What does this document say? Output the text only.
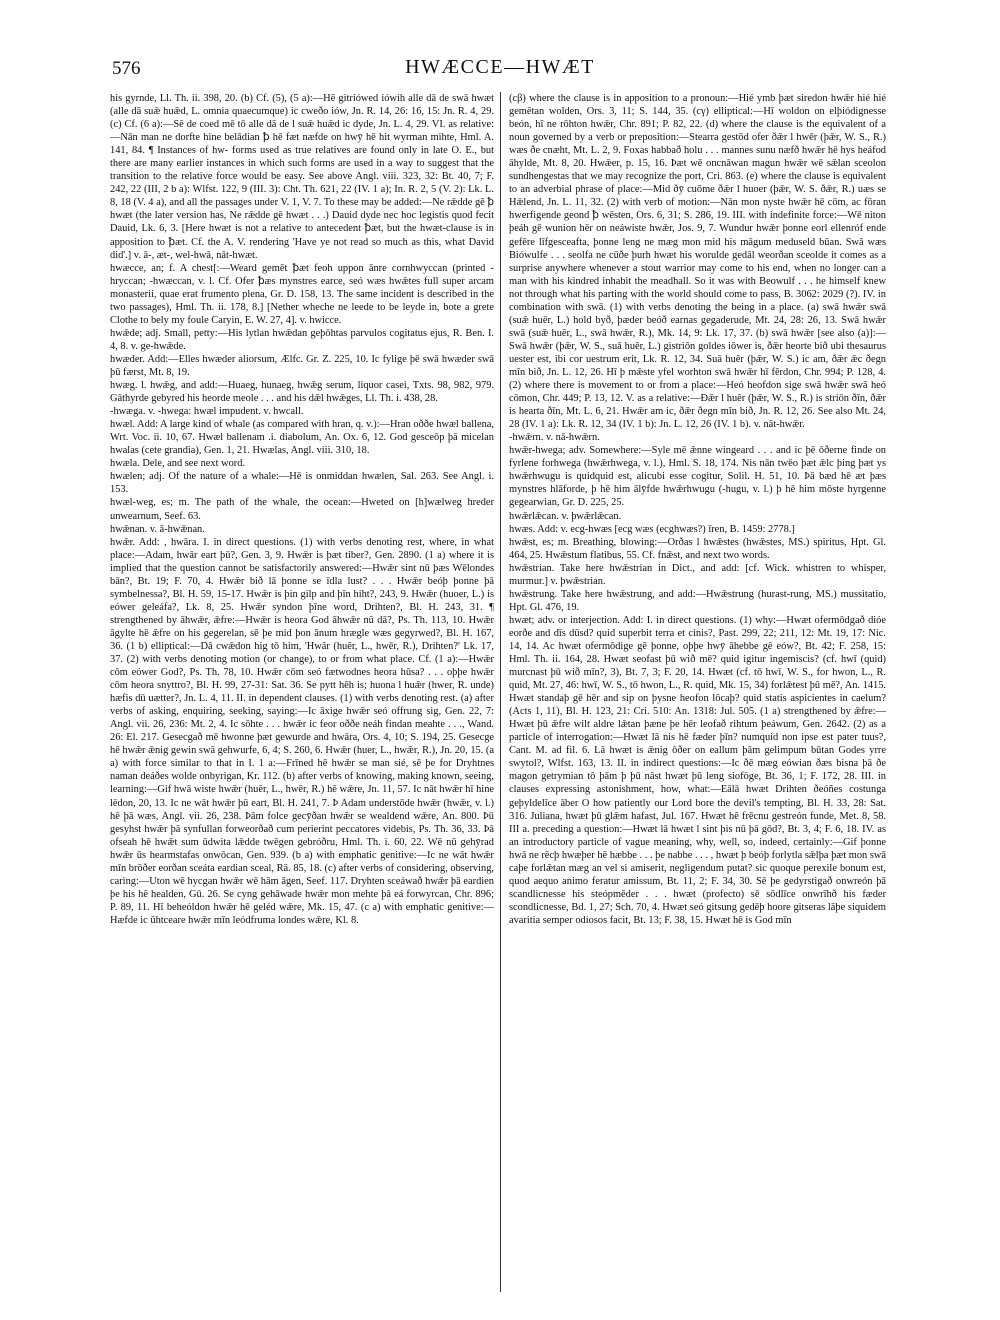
576	HWÆCCE—HWÆT

his gyrnde, Ll. Th. ii. 398, 20. (b) Cf. (5), (5 a):—Hē gitriówed iówih alle dā de swā hwæt (alle dā suǣ huǣd, L. omnia quaecumque) ic cweðo iów, Jn. R. 14, 26: 16, 15: Jn. R. 4, 29. (c) Cf. (6 a):—Sē de coed mē tō alle dā de l suǣ huǣd ic dyde, Jn. L. 4, 29. VI. as relative:—Nān man ne dorfte hine belādian ꝥ hē fæt næfde on hwȳ hē hit wyrman mihte, Hml. A. 141, 84. ¶ Instances of hw- forms used as true relatives are found only in late O. E., but there are many earlier instances in which such forms are used in a way to suggest that the transition to the relative force would be easy. See above Angl. viii. 323, 32: Bt. 40, 7; F. 242, 22 (III, 2 b a): Wlfst. 122, 9 (III. 3): Cht. Th. 621, 22 (IV. 1 a); In. R. 2, 5 (V. 2): Lk. L. 8, 18 (V. 4 a), and all the passages under V. 1, V. 7. To these may be added:—Ne rǣdde gē ꝥ hwæt (the later version has, Ne rǣdde gē hwæt . . .) Dauid dyde nec hoc legistis quod fecit Dauid, Lk. 6, 3. [Here hwæt is not a relative to antecedent ꝥæt, but the hwæt-clause is in apposition to ꝥæt. Cf. the A. V. rendering 'Have ye not read so much as this, what David did'.] v. ā-, æt-, wel-hwā, nāt-hwæt.

hwæcce, an; f. A chest[:—Weard gemēt ꝥæt feoh uppon ānre cornhwyccan (printed -hryccan; -hwæccan, v. l. Cf. Ofer ꝥæs mynstres earce, seó wæs hwǣtes full super arcam monasterii, quae erat frumento plena, Gr. D. 158, 13. The same incident is described in the two passages), Hml. Th. ii. 178, 8.] [Nether wheche ne leede to be leyde in, bote a grete Clothe to bely my foule Caryin, E. W. 27, 4]. v. hwicce.

hwǣde; adj. Small, petty:—His lytlan hwǣdan geþōhtas parvulos cogitatus ejus, R. Ben. I. 4, 8. v. ge-hwǣde.

hwæder. Add:—Elles hwæder aliorsum, Ælfc. Gr. Z. 225, 10. Ic fylige þē swā hwæder swā þū færst, Mt. 8, 19.

hwæg. l. hwǣg, and add:—Huaeg, hunaeg, hwǣg serum, liquor casei, Txts. 98, 982, 979. Gāthyrde gebyred his heorde meole . . . and his dǣl hwǣges, Ll. Th. i. 438, 28.

-hwæga. v. -hwega: hwæl impudent. v. hwcall.

hwæl. Add: A large kind of whale (as compared with hran, q. v.):—Hran oððe hwæl ballena, Wrt. Voc. ii. 10, 67. Hwæl ballenam .i. diabolum, An. Ox. 6, 12. God gesceōp þā micelan hwalas (cete grandia), Gen. 1, 21. Hwælas, Angl. viii. 310, 18.

hwæla. Dele, and see next word.

hwælen; adj. Of the nature of a whale:—Hē is onmiddan hwælen, Sal. 263. See Angl. i. 153.

hwæl-weg, es; m. The path of the whale, the ocean:—Hweted on [h]wælweg hreder unwearnum, Seef. 63.

hwǣnan. v. ā-hwǣnan.

hwǣr. Add: , hwāra. I. in direct questions. (1) with verbs denoting rest, where, in what place:—Adam, hwār eart þū?, Gen. 3, 9. Hwǣr is þæt tiber?, Gen. 2890. (1 a) where it is implied that the question cannot be satisfactorily answered:—Hwǣr sint nū þæs Wēlondes bān?, Bt. 19; F. 70, 4. Hwǣr bið lā þonne se īdla lust? . . . Hwǣr beóþ þonne þā symbelnessa?, Bl. H. 59, 15-17. Hwǣr is þin gilp and þīn hiht?, 243, 9. Hwǣr (huoer, L.) is eówer geleáfa?, Lk. 8, 25. Hwǣr syndon þīne word, Drihten?, Bl. H. 243, 31. ¶ strengthened by āhwǣr, ǣfre:—Hwǣr is heora God āhwǣr nū dā?, Ps. Th. 113, 10. Hwǣr āgylte hē ǣfre on his gegerelan, sē þe mid þon ānum hrægle wæs gegyrwed?, Bl. H. 167, 36. (1 b) elliptical:—Dā cwǣdon hig tō him, 'Hwār (huēr, L., hwēr, R.), Drihten?' Lk. 17, 37. (2) with verbs denoting motion (or change), to or from what place. Cf. (1 a):—Hwǣr cōm eówer God?, Ps. Th. 78, 10. Hwǣr cōm seó fætwodnes heora hūsa? . . . oþþe hwǣr cōm heora snyttro?, Bl. H. 99, 27-31: Sat. 36. Se pytt hēh is; huona l huǣr (hwer, R. unde) hæfis dū uætter?, Jn. L. 4, 11. II. in dependent clauses. (1) with verbs denoting rest. (a) after verbs of asking, enquiring, seeking, saying:—Ic āxige hwǣr seó offrung sig, Gen. 22, 7: Angl. vii. 26, 236: Mt. 2, 4. Ic sōhte . . . hwǣr ic feor oððe neáh findan meahte . . ., Wand. 26: El. 217. Gesecgað mē hwonne þæt gewurde and hwāra, Ors. 4, 10; S. 194, 25. Gesecge hē hwǣr ǣnig gewin swā gehwurfe, 6, 4; S. 260, 6. Hwǣr (huer, L., hwǣr, R.), Jn. 20, 15. (a a) with force similar to that in I. 1 a:—Frīned hē hwǣr se man sié, sē þe for Dryhtnes naman deáðes wolde onbyrigan, Kr. 112. (b) after verbs of knowing, making known, seeing, learning:—Gif hwā wiste hwǣr (huēr, L., hwēr, R.) hē wǣre, Jn. 11, 57. Ic nāt hwǣr hī hine lēdon, 20, 13. Ic ne wāt hwǣr þū eart, Bl. H. 241, 7. Þ Adam understōde hwǣr (hwǣr, v. l.) hē þā wæs, Angl. vii. 26, 238. Þām folce gecȳðan hwǣr se wealdend wǣre, An. 800. Þū gesyhst hwǣr þā synfullan forweorðað cum perierint peccatores videbis, Ps. Th. 36, 33. Þā ofseah hē hwǣt sum ūdwita lǣdde twēgen gebróðru, Hml. Th. i. 60, 22. Wē nū gehȳrad hwǣr ūs hearmstafas onwōcan, Gen. 939. (b a) with emphatic genitive:—Ic ne wāt hwǣr mīn brōðer eorðan sceáta eardian sceal, Rä. 85, 18. (c) after verbs of considering, observing, caring:—Uton wē hycgan hwǣr wē hām āgen, Seef. 117. Dryhten sceáwað hwǣr þā eardien þe his hē healden, Gū. 26. Se cyng gehāwade hwǣr mon mehte þā eá forwyrcan, Chr. 896; P. 89, 11. Hī beheóldon hwǣr hē geléd wǣre, Mk. 15, 47. (c a) with emphatic genitive:—Hæfde ic ūhtceare hwǣr mīn leódfruma londes wǣre, Kl. 8.

(cβ) where the clause is in apposition to a pronoun:—Hié ymb þæt siredon hwǣr hié hié gemētan wolden, Ors. 3, 11; S. 144, 35. (cγ) elliptical:—Hī woldon on elþiódignesse beón, hī ne rōhton hwǣr, Chr. 891; P. 82, 22. (d) where the clause is the equivalent of a noun governed by a verb or preposition:—Stearra gestōd ofer ðǣr l hwēr (þǣr, W. S., R.) wæs ðe cnæht, Mt. L. 2, 9. Foxas habbað holu . . . mannes sunu næfð hwǣr hē hys heáfod āhylde, Mt. 8, 20. Hwǣer, p. 15, 16. Þæt wē oncnāwan magun hwǣr wē sǣlan sceolon sundhengestas that we may recognize the port, Cri. 863. (e) where the clause is equivalent to an adverbial phrase of place:—Mid ðȳ cuōme ðǣr l huoer (þǣr, W. S. ðǣr, R.) uæs se Hǣlend, Jn. L. 11, 32. (2) with verb of motion:—Nān mon nyste hwǣr hē cōm, ac fōran hwerfigende geond ꝥ wēsten, Ors. 6, 31; S. 286, 19. III. with indefinite force:—Wē niton þeáh gē wunion hēr on neáwiste hwǣr, Jos. 9, 7. Wundur hwǣr þonne eorl ellenróf ende gefēre līfgesceafta, þonne leng ne mæg mon mid his māgum meduseld būan. Swā wæs Biówulfe . . . seolfa ne cūðe þurh hwæt his worulde gedāl weorðan sceolde it comes as a surprise anywhere whenever a stout warrior may come to his end, when no longer can a man with his kindred inhabit the meadhall. So it was with Beowulf . . . he himself knew not through what his parting with the world should come to pass, B. 3062: 2029 (?). IV. in combination with swā. (1) with verbs denoting the being in a place. (a) swā hwǣr swā (suǣ huēr, L.) hold byð, þæder beóð earnas gegaderude, Mt. 24, 28: 26, 13. Swā hwǣr swā (suǣ huēr, L., swā hwǣr, R.), Mk. 14, 9: Lk. 17, 37. (b) swā hwǣr [see also (a)]:—Swā hwǣr (þǣr, W. S., suā huēr, L.) gistriōn goldes iōwer is, ðǣr heorte bið ubi thesaurus uester est, ibi cor uestrum erit, Lk. R. 12, 34. Suā huēr (þǣr, W. S.) ic am, ðǣr ǣc ðegn mīn bið, Jn. L. 12, 26. Hī þ mǣste yfel worhton swā hwǣr hī fērdon, Chr. 994; P. 128, 4. (2) where there is movement to or from a place:—Heó heofdon sige swā hwǣr swā heó cōmon, Chr. 449; P. 13, 12. V. as a relative:—Ðǣr l huēr (þǣr, W. S., R.) is striōn ðīn, ðǣr is hearta ðīn, Mt. L. 6, 21. Hwǣr am ic, ðǣr ðegn mīn bið, Jn. R. 12, 26. See also Mt. 24, 28 (IV. 1 a): Lk. R. 12, 34 (IV. 1 b): Jn. L. 12, 26 (IV. 1 b). v. nāt-hwǣr.

-hwǣrn. v. nā-hwǣrn.

hwǣr-hwega; adv. Somewhere:—Syle mē ǣnne wingeard . . . and ic þē ōðerne finde on fyrlene forhwega (hwǣrhwega, v. l.), Hml. S. 18, 174. Nis nān twēo þæt ǣlc þing þæt ys hwǣrhwugu is quidquid est, alicubi esse cogitur, Solil. H. 51, 10. Þā bæd hē æt þæs mynstres hlāforde, þ hē him ālȳfde hwǣrhwugu (-hugu, v. l.) þ hē him mōste hyrgenne gegearwian, Gr. D. 225, 25.

hwǣrlǣcan. v. þwǣrlǣcan.

hwæs. Add: v. ecg-hwæs [ecg wæs (ecghwæs?) īren, B. 1459: 2778.]

hwǣst, es; m. Breathing, blowing:—Orðas l hwǣstes (hwǣstes, MS.) spiritus, Hpt. Gl. 464, 25. Hwǣstum flatibus, 55. Cf. fnǣst, and next two words.

hwǣstrian. Take here hwǣstrian in Dict., and add: [cf. Wick. whistren to whisper, murmur.] v. þwǣstrian.

hwǣstrung. Take here hwǣstrung, and add:—Hwǣstrung (hurast-rung, MS.) mussitatio, Hpt. Gl. 476, 19.

hwæt; adv. or interjection. Add: I. in direct questions. (1) why:—Hwæt ofermōdgað dióe eorðe and dīs dūsd? quid superbit terra et cinis?, Past. 299, 22; 211, 12: Mt. 19, 17: Nic. 14, 14. Ac hwæt ofermōdige gē þonne, oþþe hwȳ āhebbe gē eów?, Bt. 42; F. 258, 15: Hml. Th. ii. 164, 28. Hwæt seofast þū wið mē? quid igitur ingemiscis? (cf. hwī (quid) murcnast þū wið mīn?, 3), Bt. 7, 3; F. 20, 14. Hwæt (cf. tō hwī, W. S., for hwon, L., R. quid, Mt. 27, 46: hwī, W. S., tō hwon, L., R. quid, Mk. 15, 34) forlǣtest þū mē?, An. 1415. Hwæt standaþ gē hēr and sip on þysne heofon lōcaþ? quid statis aspicientes in caelum? (Acts 1, 11), Bl. H. 123, 21: Cri. 510: An. 1318: Jul. 505. (1 a) strengthened by ǣfre:—Hwæt þū ǣfre wilt aldre lǣtan þæne þe hēr leofað rihtum þeáwum, Gen. 2642. (2) as a particle of interrogation:—Hwæt lā nis hē fæder þīn? numquid non ipse est pater tuus?, Cant. M. ad fil. 6. Lā hwæt is ǣnig ōðer on eallum þām gelimpum būtan Godes yrre swytol?, Wlfst. 163, 13. II. in indirect questions:—Ic ðē mæg eówian ðæs bisna þā ðe magon getrymian tō þām þ þū nāst hwæt þū leng sioföge, Bt. 36, 1; F. 172, 28. III. in clauses expressing astonishment, how, what:—Eālā hwæt Drihten ðeóñes costunga geþyldelīce āber O how patiently our Lord bore the devil's tempting, Bl. H. 33, 28: Sat. 316. Juliana, hwæt þū glǣm hafast, Jul. 167. Hwæt hē frēcnu gestreón funde, Met. 8, 58. III a. preceding a question:—Hwæt lā hwæt l sint þis nū þā gōd?, Bt. 3, 4; F. 6, 18. IV. as an introductory particle of vague meaning, why, well, so, indeed, certainly:—Gif þonne hwā ne rēcþ hwæþer hē hæbbe . . . þe nabbe . . . , hwæt þ beóþ forlytla sǣlþa þæt mon swā caþe forlǣtan mæg an vel si amiserit, negligendum putat? sic quoque perexile bonum est, quod aequo animo feratur amissum, Bt. 11, 2; F. 34, 30. Sē þe gedyrstigað onwreón þā scandlicnesse his steópmēder . . . hwæt (profecto) sē sōdlīce onwrīhð his fæder scondlicnesse, Bd. 1, 27; Sch. 70, 4. Hwæt seó gitsung gedēþ hoore gitseras lāþe siquidem avaritia semper odiosos facit, Bt. 13; F. 38, 15. Hwæt hē is God mīn
